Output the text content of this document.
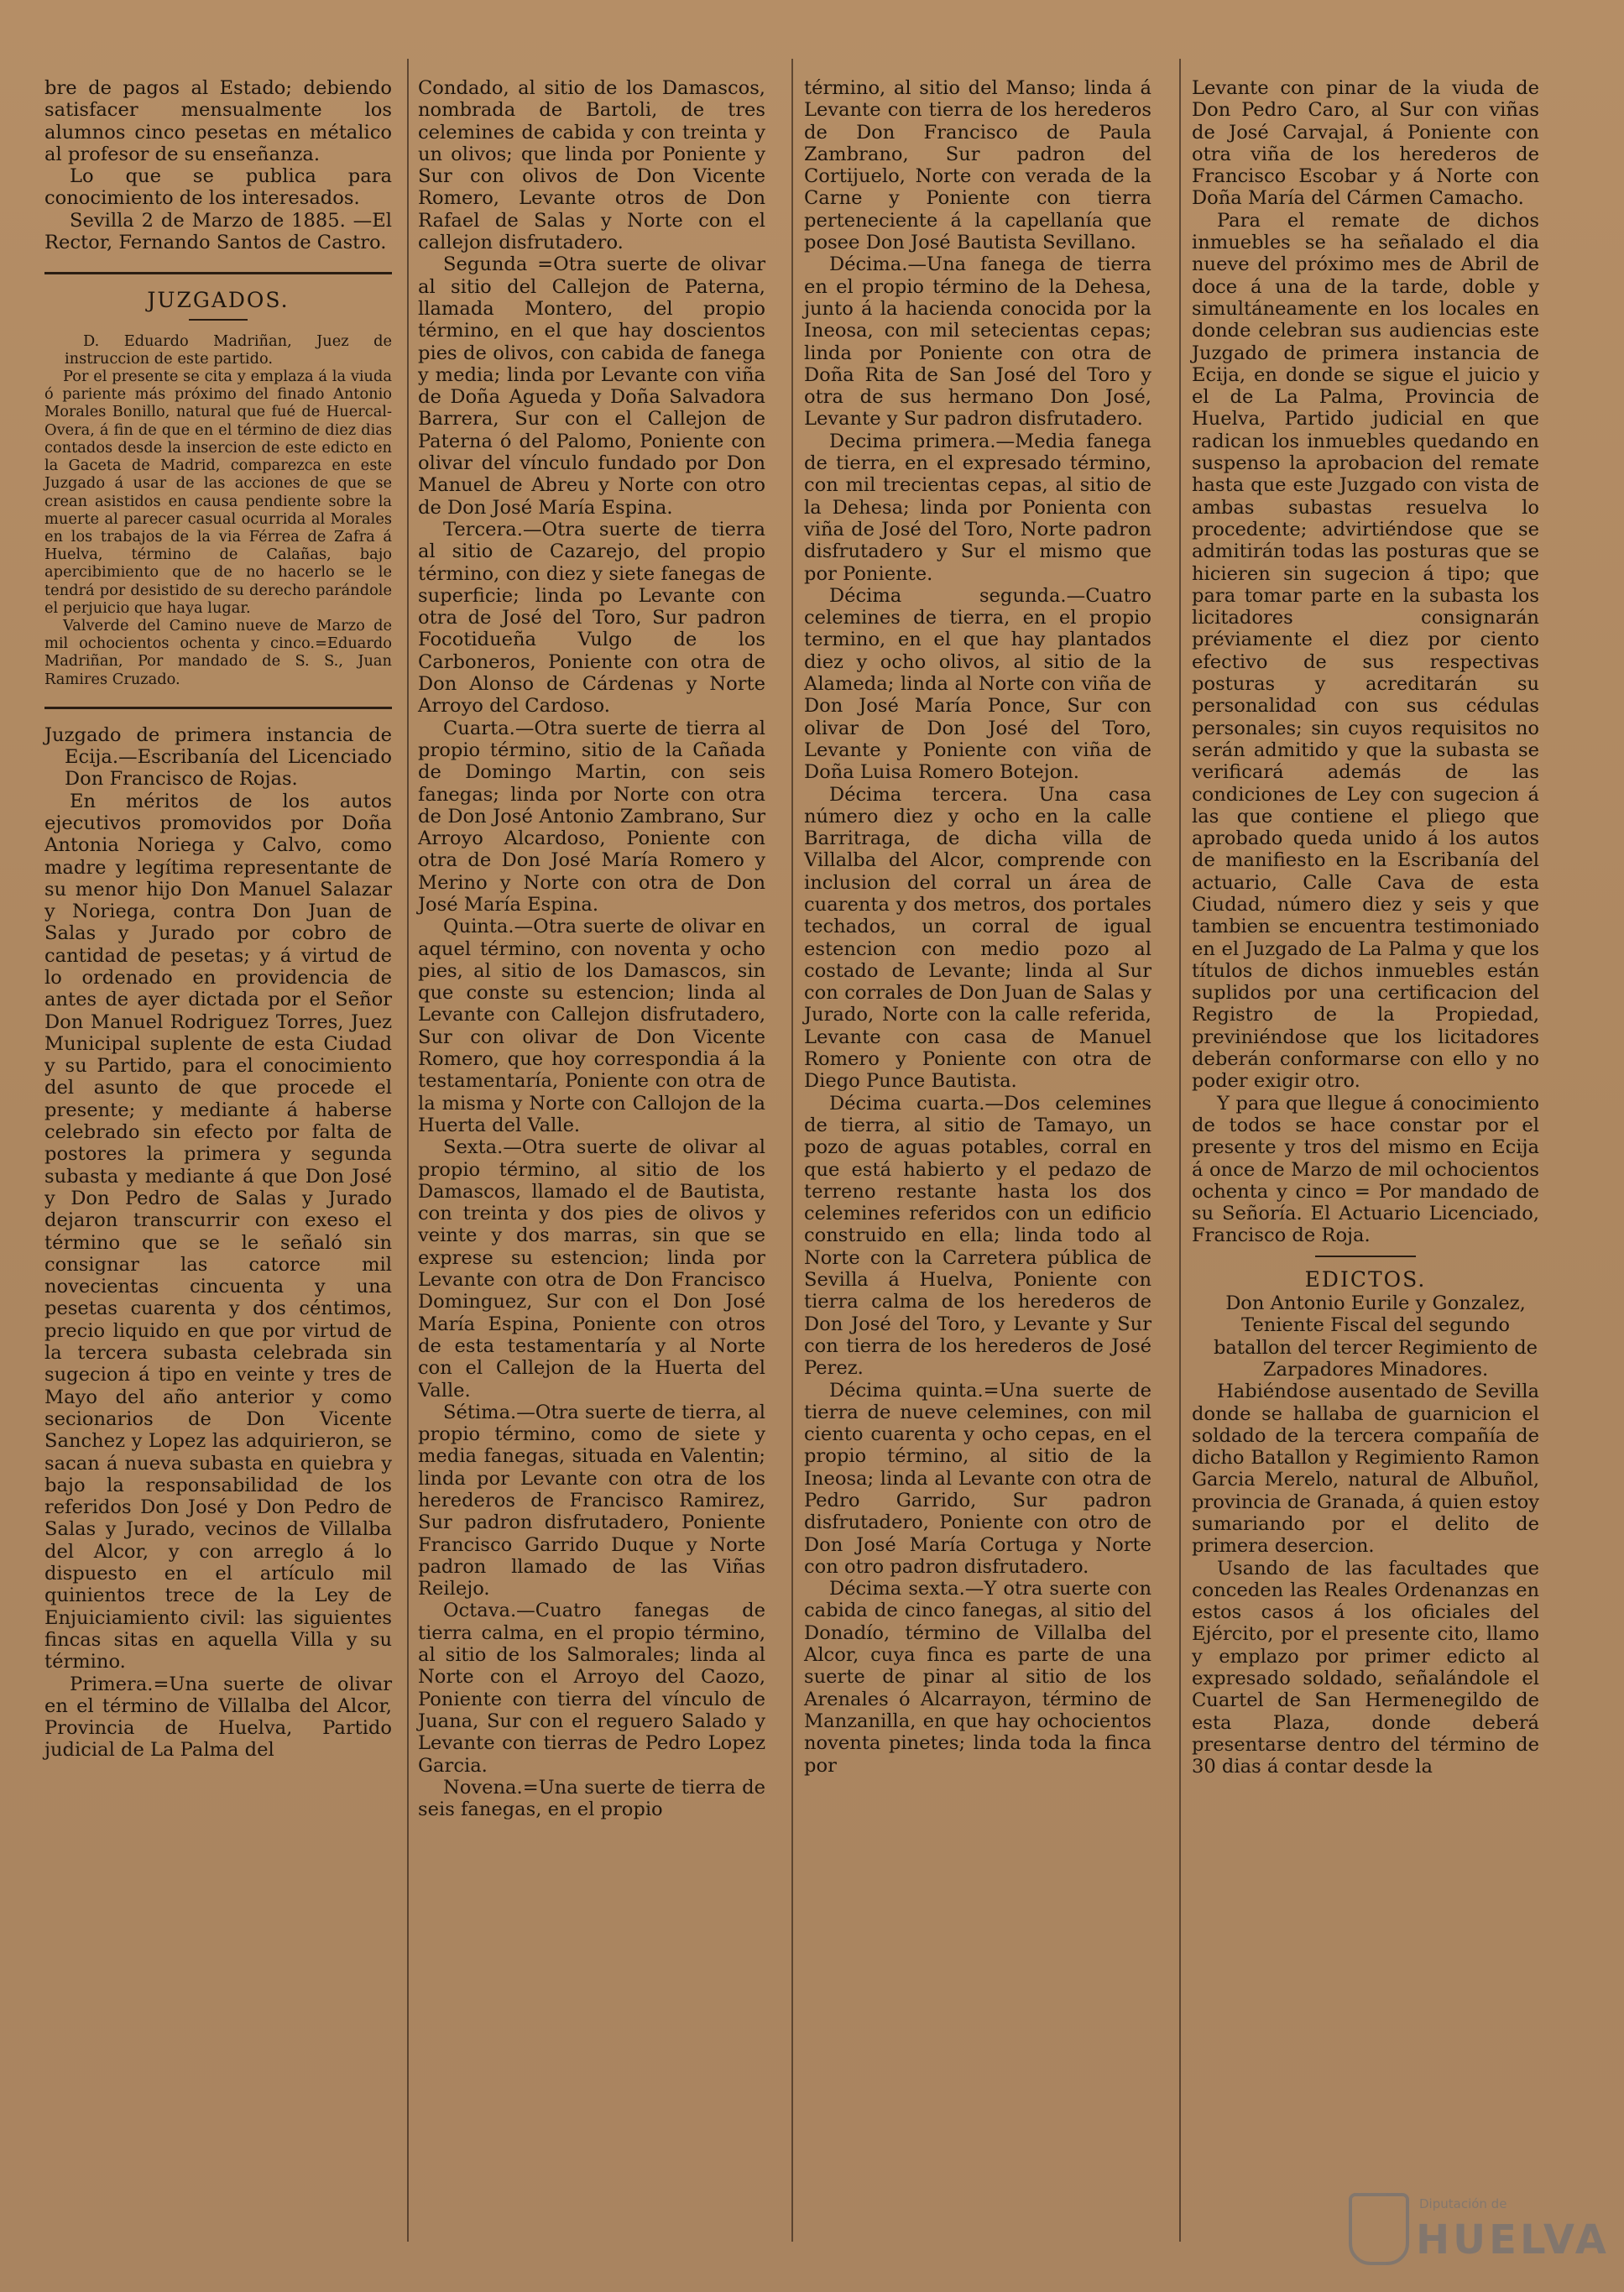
bre de pagos al Estado; debiendo satisfacer mensualmente los alumnos cinco pesetas en métalico al profesor de su enseñanza.

Lo que se publica para conocimiento de los interesados.

Sevilla 2 de Marzo de 1885. —El Rector, Fernando Santos de Castro.

JUZGADOS.

D. Eduardo Madriñan, Juez de instruccion de este partido.

Por el presente se cita y emplaza á la viuda ó pariente más próximo del finado Antonio Morales Bonillo, natural que fué de Huercal-Overa, á fin de que en el término de diez dias contados desde la insercion de este edicto en la Gaceta de Madrid, comparezca en este Juzgado á usar de las acciones de que se crean asistidos en causa pendiente sobre la muerte al parecer casual ocurrida al Morales en los trabajos de la via Férrea de Zafra á Huelva, término de Calañas, bajo apercibimiento que de no hacerlo se le tendrá por desistido de su derecho parándole el perjuicio que haya lugar.

Valverde del Camino nueve de Marzo de mil ochocientos ochenta y cinco.=Eduardo Madriñan, Por mandado de S. S., Juan Ramires Cruzado.

Juzgado de primera instancia de Ecija.—Escribanía del Licenciado Don Francisco de Rojas.

En méritos de los autos ejecutivos promovidos por Doña Antonia Noriega y Calvo, como madre y legítima representante de su menor hijo Don Manuel Salazar y Noriega, contra Don Juan de Salas y Jurado por cobro de cantidad de pesetas; y á virtud de lo ordenado en providencia de antes de ayer dictada por el Señor Don Manuel Rodriguez Torres, Juez Municipal suplente de esta Ciudad y su Partido, para el conocimiento del asunto de que procede el presente; y mediante á haberse celebrado sin efecto por falta de postores la primera y segunda subasta y mediante á que Don José y Don Pedro de Salas y Jurado dejaron transcurrir con exeso el término que se le señaló sin consignar las catorce mil novecientas cincuenta y una pesetas cuarenta y dos céntimos, precio liquido en que por virtud de la tercera subasta celebrada sin sugecion á tipo en veinte y tres de Mayo del año anterior y como secionarios de Don Vicente Sanchez y Lopez las adquirieron, se sacan á nueva subasta en quiebra y bajo la responsabilidad de los referidos Don José y Don Pedro de Salas y Jurado, vecinos de Villalba del Alcor, y con arreglo á lo dispuesto en el artículo mil quinientos trece de la Ley de Enjuiciamiento civil: las siguientes fincas sitas en aquella Villa y su término.

Primera.=Una suerte de olivar en el término de Villalba del Alcor, Provincia de Huelva, Partido judicial de La Palma del

Condado, al sitio de los Damascos, nombrada de Bartoli, de tres celemines de cabida y con treinta y un olivos; que linda por Poniente y Sur con olivos de Don Vicente Romero, Levante otros de Don Rafael de Salas y Norte con el callejon disfrutadero.

Segunda =Otra suerte de olivar al sitio del Callejon de Paterna, llamada Montero, del propio término, en el que hay doscientos pies de olivos, con cabida de fanega y media; linda por Levante con viña de Doña Agueda y Doña Salvadora Barrera, Sur con el Callejon de Paterna ó del Palomo, Poniente con olivar del vínculo fundado por Don Manuel de Abreu y Norte con otro de Don José María Espina.

Tercera.—Otra suerte de tierra al sitio de Cazarejo, del propio término, con diez y siete fanegas de superficie; linda po Levante con otra de José del Toro, Sur padron Focotidueña Vulgo de los Carboneros, Poniente con otra de Don Alonso de Cárdenas y Norte Arroyo del Cardoso.

Cuarta.—Otra suerte de tierra al propio término, sitio de la Cañada de Domingo Martin, con seis fanegas; linda por Norte con otra de Don José Antonio Zambrano, Sur Arroyo Alcardoso, Poniente con otra de Don José María Romero y Merino y Norte con otra de Don José María Espina.

Quinta.—Otra suerte de olivar en aquel término, con noventa y ocho pies, al sitio de los Damascos, sin que conste su estencion; linda al Levante con Callejon disfrutadero, Sur con olivar de Don Vicente Romero, que hoy correspondia á la testamentaría, Poniente con otra de la misma y Norte con Callojon de la Huerta del Valle.

Sexta.—Otra suerte de olivar al propio término, al sitio de los Damascos, llamado el de Bautista, con treinta y dos pies de olivos y veinte y dos marras, sin que se exprese su estencion; linda por Levante con otra de Don Francisco Dominguez, Sur con el Don José María Espina, Poniente con otros de esta testamentaría y al Norte con el Callejon de la Huerta del Valle.

Sétima.—Otra suerte de tierra, al propio término, como de siete y media fanegas, situada en Valentin; linda por Levante con otra de los herederos de Francisco Ramirez, Sur padron disfrutadero, Poniente Francisco Garrido Duque y Norte padron llamado de las Viñas Reilejo.

Octava.—Cuatro fanegas de tierra calma, en el propio término, al sitio de los Salmorales; linda al Norte con el Arroyo del Caozo, Poniente con tierra del vínculo de Juana, Sur con el reguero Salado y Levante con tierras de Pedro Lopez Garcia.

Novena.=Una suerte de tierra de seis fanegas, en el propio

término, al sitio del Manso; linda á Levante con tierra de los herederos de Don Francisco de Paula Zambrano, Sur padron del Cortijuelo, Norte con verada de la Carne y Poniente con tierra perteneciente á la capellanía que posee Don José Bautista Sevillano.

Décima.—Una fanega de tierra en el propio término de la Dehesa, junto á la hacienda conocida por la Ineosa, con mil setecientas cepas; linda por Poniente con otra de Doña Rita de San José del Toro y otra de sus hermano Don José, Levante y Sur padron disfrutadero.

Decima primera.—Media fanega de tierra, en el expresado término, con mil trecientas cepas, al sitio de la Dehesa; linda por Ponienta con viña de José del Toro, Norte padron disfrutadero y Sur el mismo que por Poniente.

Décima segunda.—Cuatro celemines de tierra, en el propio termino, en el que hay plantados diez y ocho olivos, al sitio de la Alameda; linda al Norte con viña de Don José María Ponce, Sur con olivar de Don José del Toro, Levante y Poniente con viña de Doña Luisa Romero Botejon.

Décima tercera. Una casa número diez y ocho en la calle Barritraga, de dicha villa de Villalba del Alcor, comprende con inclusion del corral un área de cuarenta y dos metros, dos portales techados, un corral de igual estencion con medio pozo al costado de Levante; linda al Sur con corrales de Don Juan de Salas y Jurado, Norte con la calle referida, Levante con casa de Manuel Romero y Poniente con otra de Diego Punce Bautista.

Décima cuarta.—Dos celemines de tierra, al sitio de Tamayo, un pozo de aguas potables, corral en que está habierto y el pedazo de terreno restante hasta los dos celemines referidos con un edificio construido en ella; linda todo al Norte con la Carretera pública de Sevilla á Huelva, Poniente con tierra calma de los herederos de Don José del Toro, y Levante y Sur con tierra de los herederos de José Perez.

Décima quinta.=Una suerte de tierra de nueve celemines, con mil ciento cuarenta y ocho cepas, en el propio término, al sitio de la Ineosa; linda al Levante con otra de Pedro Garrido, Sur padron disfrutadero, Poniente con otro de Don José María Cortuga y Norte con otro padron disfrutadero.

Décima sexta.—Y otra suerte con cabida de cinco fanegas, al sitio del Donadío, término de Villalba del Alcor, cuya finca es parte de una suerte de pinar al sitio de los Arenales ó Alcarrayon, término de Manzanilla, en que hay ochocientos noventa pinetes; linda toda la finca por

Levante con pinar de la viuda de Don Pedro Caro, al Sur con viñas de José Carvajal, á Poniente con otra viña de los herederos de Francisco Escobar y á Norte con Doña María del Cármen Camacho.

Para el remate de dichos inmuebles se ha señalado el dia nueve del próximo mes de Abril de doce á una de la tarde, doble y simultáneamente en los locales en donde celebran sus audiencias este Juzgado de primera instancia de Ecija, en donde se sigue el juicio y el de La Palma, Provincia de Huelva, Partido judicial en que radican los inmuebles quedando en suspenso la aprobacion del remate hasta que este Juzgado con vista de ambas subastas resuelva lo procedente; advirtiéndose que se admitirán todas las posturas que se hicieren sin sugecion á tipo; que para tomar parte en la subasta los licitadores consignarán préviamente el diez por ciento efectivo de sus respectivas posturas y acreditarán su personalidad con sus cédulas personales; sin cuyos requisitos no serán admitido y que la subasta se verificará además de las condiciones de Ley con sugecion á las que contiene el pliego que aprobado queda unido á los autos de manifiesto en la Escribanía del actuario, Calle Cava de esta Ciudad, número diez y seis y que tambien se encuentra testimoniado en el Juzgado de La Palma y que los títulos de dichos inmuebles están suplidos por una certificacion del Registro de la Propiedad, previniéndose que los licitadores deberán conformarse con ello y no poder exigir otro.

Y para que llegue á conocimiento de todos se hace constar por el presente y tros del mismo en Ecija á once de Marzo de mil ochocientos ochenta y cinco = Por mandado de su Señoría. El Actuario Licenciado, Francisco de Roja.

EDICTOS.

Don Antonio Eurile y Gonzalez, Teniente Fiscal del segundo batallon del tercer Regimiento de Zarpadores Minadores.

Habiéndose ausentado de Sevilla donde se hallaba de guarnicion el soldado de la tercera compañía de dicho Batallon y Regimiento Ramon Garcia Merelo, natural de Albuñol, provincia de Granada, á quien estoy sumariando por el delito de primera desercion.

Usando de las facultades que conceden las Reales Ordenanzas en estos casos á los oficiales del Ejército, por el presente cito, llamo y emplazo por primer edicto al expresado soldado, señalándole el Cuartel de San Hermenegildo de esta Plaza, donde deberá presentarse dentro del término de 30 dias á contar desde la

Diputación de
HUELVA
